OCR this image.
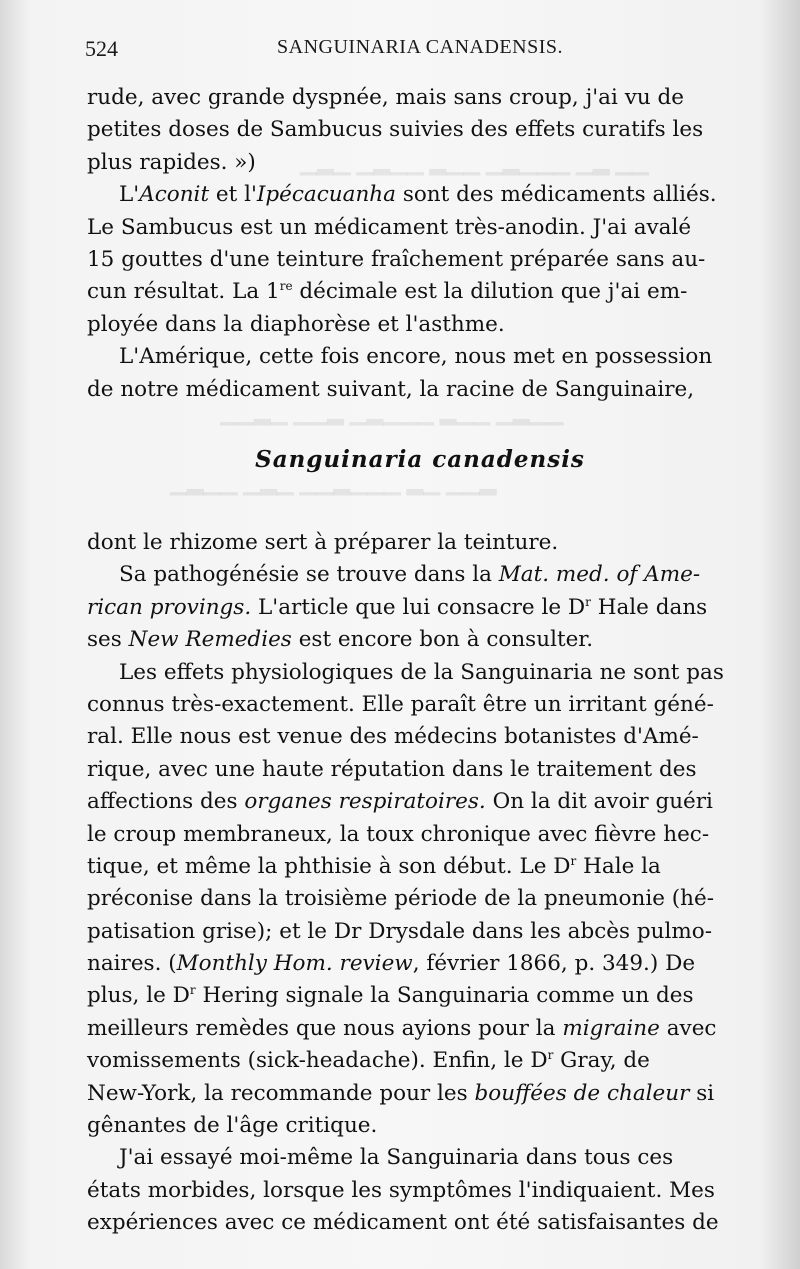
▁▂▁ ▁▂▁▁ ▂▁▁ ▁▂▁▁▁ ▁▂ ▁▁
▁▁▂▁ ▁▁▂ ▁▂▁▁▁ ▂▁▁ ▁▂▁▁
▁▂▁▁ ▁▂▁ ▁▁▂▁▁▁ ▂▁ ▁▁▂
524	SANGUINARIA CANADENSIS.
rude, avec grande dyspnée, mais sans croup, j'ai vu de
petites doses de Sambucus suivies des effets curatifs les
plus rapides. »)
L'Aconit et l'Ipécacuanha sont des médicaments alliés.
Le Sambucus est un médicament très-anodin. J'ai avalé
15 gouttes d'une teinture fraîchement préparée sans au-
cun résultat. La 1re décimale est la dilution que j'ai em-
ployée dans la diaphorèse et l'asthme.
L'Amérique, cette fois encore, nous met en possession
de notre médicament suivant, la racine de Sanguinaire,
Sanguinaria canadensis
dont le rhizome sert à préparer la teinture.
Sa pathogénésie se trouve dans la Mat. med. of Ame-
rican provings. L'article que lui consacre le $D^r$ Hale dans
ses New Remedies est encore bon à consulter.
Les effets physiologiques de la Sanguinaria ne sont pas
connus très-exactement. Elle paraît être un irritant géné-
ral. Elle nous est venue des médecins botanistes d'Amé-
rique, avec une haute réputation dans le traitement des
affections des organes respiratoires. On la dit avoir guéri
le croup membraneux, la toux chronique avec fièvre hec-
tique, et même la phthisie à son début. Le $D^r$ Hale la
préconise dans la troisième période de la pneumonie (hé-
patisation grise); et le Dr Drysdale dans les abcès pulmo-
naires. (Monthly Hom. review, février 1866, p. 349.) De
plus, le $D^r$ Hering signale la Sanguinaria comme un des
meilleurs remèdes que nous ayions pour la migraine avec
vomissements (sick-headache). Enfin, le $D^r$ Gray, de
New-York, la recommande pour les bouffées de chaleur si
gênantes de l'âge critique.
J'ai essayé moi-même la Sanguinaria dans tous ces
états morbides, lorsque les symptômes l'indiquaient. Mes
expériences avec ce médicament ont été satisfaisantes de
